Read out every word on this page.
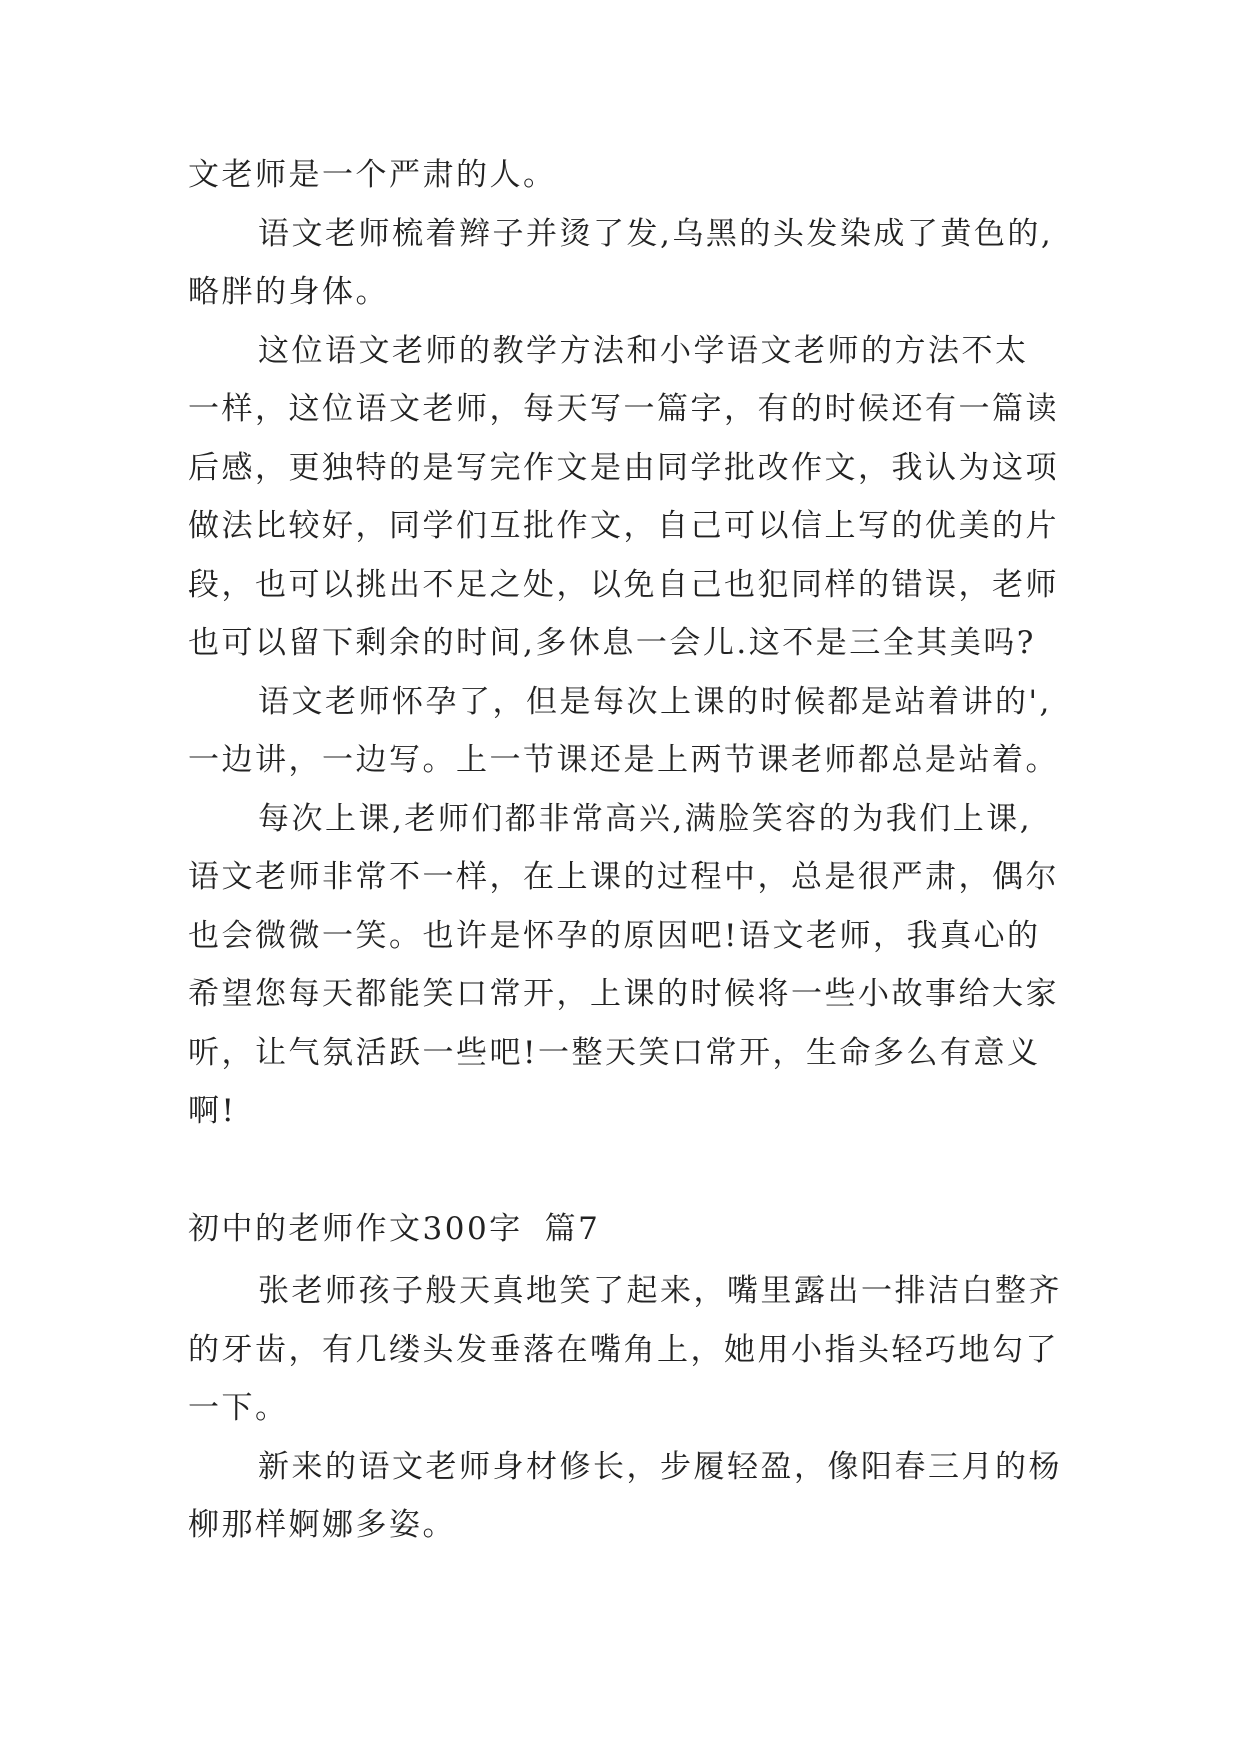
文老师是一个严肃的人。
语文老师梳着辫子并烫了发,乌黑的头发染成了黄色的,
略胖的身体。
这位语文老师的教学方法和小学语文老师的方法不太
一样，这位语文老师，每天写一篇字，有的时候还有一篇读
后感，更独特的是写完作文是由同学批改作文，我认为这项
做法比较好，同学们互批作文，自己可以信上写的优美的片
段，也可以挑出不足之处，以免自己也犯同样的错误，老师
也可以留下剩余的时间,多休息一会儿.这不是三全其美吗?
语文老师怀孕了，但是每次上课的时候都是站着讲的',
一边讲，一边写。上一节课还是上两节课老师都总是站着。
每次上课,老师们都非常高兴,满脸笑容的为我们上课,
语文老师非常不一样，在上课的过程中，总是很严肃，偶尔
也会微微一笑。也许是怀孕的原因吧!语文老师，我真心的
希望您每天都能笑口常开，上课的时候将一些小故事给大家
听，让气氛活跃一些吧!一整天笑口常开，生命多么有意义
啊!
初中的老师作文300字 篇7
张老师孩子般天真地笑了起来，嘴里露出一排洁白整齐
的牙齿，有几缕头发垂落在嘴角上，她用小指头轻巧地勾了
一下。
新来的语文老师身材修长，步履轻盈，像阳春三月的杨
柳那样婀娜多姿。
